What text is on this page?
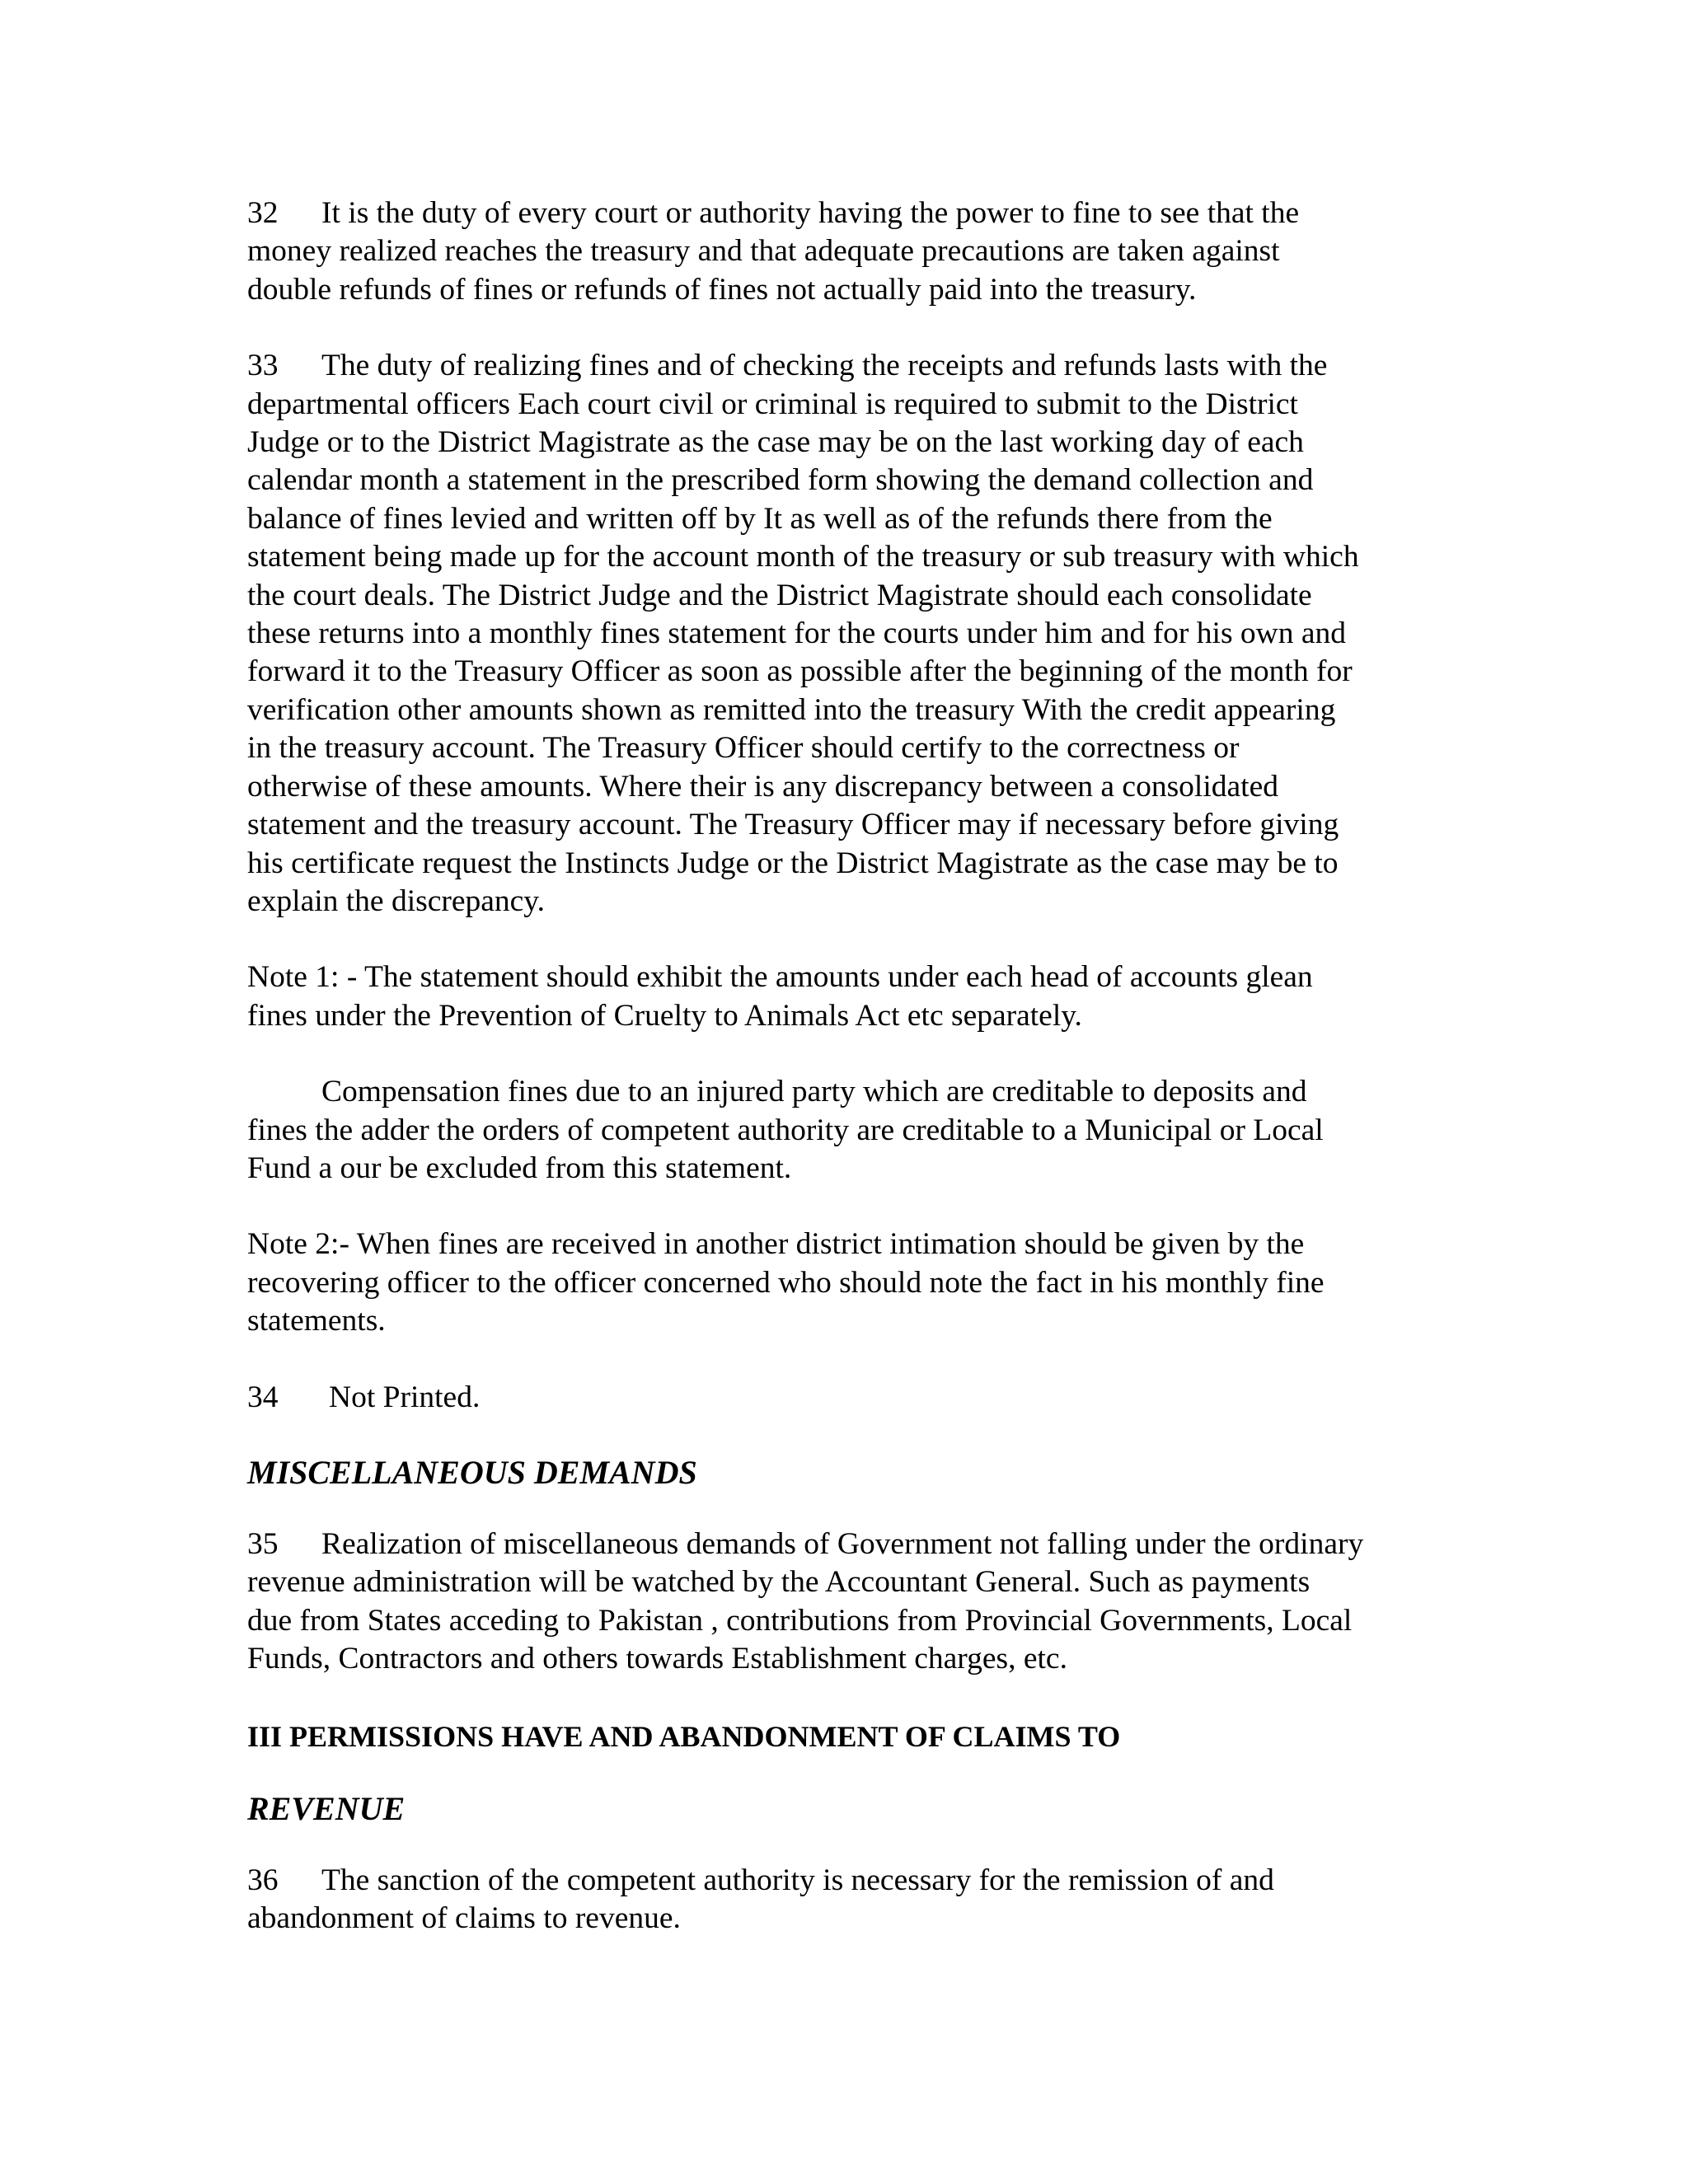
32 It is the duty of every court or authority having the power to fine to see that the
money realized reaches the treasury and that adequate precautions are taken against
double refunds of fines or refunds of fines not actually paid into the treasury.
33 The duty of realizing fines and of checking the receipts and refunds lasts with the
departmental officers Each court civil or criminal is required to submit to the District
Judge or to the District Magistrate as the case may be on the last working day of each
calendar month a statement in the prescribed form showing the demand collection and
balance of fines levied and written off by It as well as of the refunds there from the
statement being made up for the account month of the treasury or sub treasury with which
the court deals. The District Judge and the District Magistrate should each consolidate
these returns into a monthly fines statement for the courts under him and for his own and
forward it to the Treasury Officer as soon as possible after the beginning of the month for
verification other amounts shown as remitted into the treasury With the credit appearing
in the treasury account. The Treasury Officer should certify to the correctness or
otherwise of these amounts. Where their is any discrepancy between a consolidated
statement and the treasury account. The Treasury Officer may if necessary before giving
his certificate request the Instincts Judge or the District Magistrate as the case may be to
explain the discrepancy.
Note 1: - The statement should exhibit the amounts under each head of accounts glean
fines under the Prevention of Cruelty to Animals Act etc separately.
Compensation fines due to an injured party which are creditable to deposits and
fines the adder the orders of competent authority are creditable to a Municipal or Local
Fund a our be excluded from this statement.
Note 2:- When fines are received in another district intimation should be given by the
recovering officer to the officer concerned who should note the fact in his monthly fine
statements.
34 Not Printed.
MISCELLANEOUS DEMANDS
35 Realization of miscellaneous demands of Government not falling under the ordinary
revenue administration will be watched by the Accountant General. Such as payments
due from States acceding to Pakistan , contributions from Provincial Governments, Local
Funds, Contractors and others towards Establishment charges, etc.
III PERMISSIONS HAVE AND ABANDONMENT OF CLAIMS TO
REVENUE
36 The sanction of the competent authority is necessary for the remission of and
abandonment of claims to revenue.
